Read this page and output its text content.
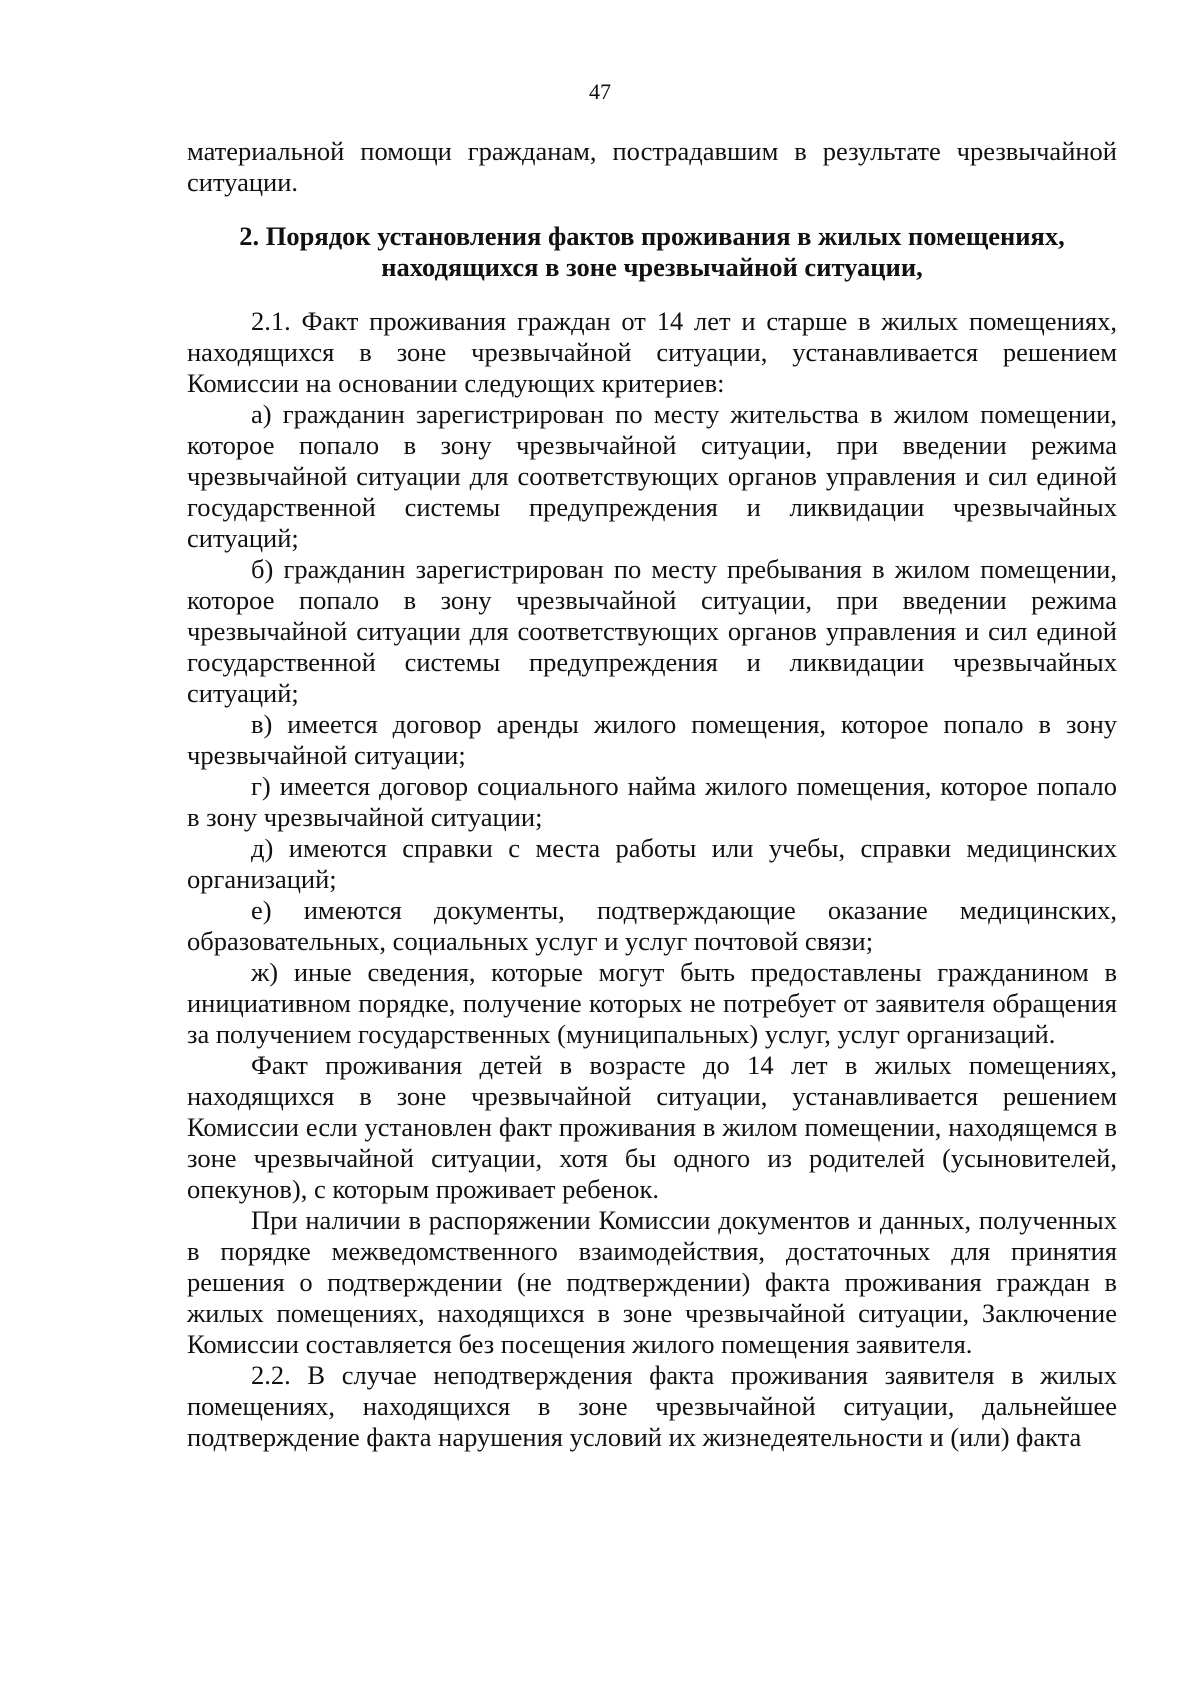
47

материальной помощи гражданам, пострадавшим в результате чрезвычайной ситуации.

2. Порядок установления фактов проживания в жилых помещениях,
находящихся в зоне чрезвычайной ситуации,

2.1. Факт проживания граждан от 14 лет и старше в жилых помещениях, находящихся в зоне чрезвычайной ситуации, устанавливается решением Комиссии на основании следующих критериев:

а) гражданин зарегистрирован по месту жительства в жилом помещении, которое попало в зону чрезвычайной ситуации, при введении режима чрезвычайной ситуации для соответствующих органов управления и сил единой государственной системы предупреждения и ликвидации чрезвычайных ситуаций;

б) гражданин зарегистрирован по месту пребывания в жилом помещении, которое попало в зону чрезвычайной ситуации, при введении режима чрезвычайной ситуации для соответствующих органов управления и сил единой государственной системы предупреждения и ликвидации чрезвычайных ситуаций;

в) имеется договор аренды жилого помещения, которое попало в зону чрезвычайной ситуации;

г) имеется договор социального найма жилого помещения, которое попало в зону чрезвычайной ситуации;

д) имеются справки с места работы или учебы, справки медицинских организаций;

е) имеются документы, подтверждающие оказание медицинских, образовательных, социальных услуг и услуг почтовой связи;

ж) иные сведения, которые могут быть предоставлены гражданином в инициативном порядке, получение которых не потребует от заявителя обращения за получением государственных (муниципальных) услуг, услуг организаций.

Факт проживания детей в возрасте до 14 лет в жилых помещениях, находящихся в зоне чрезвычайной ситуации, устанавливается решением Комиссии если установлен факт проживания в жилом помещении, находящемся в зоне чрезвычайной ситуации, хотя бы одного из родителей (усыновителей, опекунов), с которым проживает ребенок.

При наличии в распоряжении Комиссии документов и данных, полученных в порядке межведомственного взаимодействия, достаточных для принятия решения о подтверждении (не подтверждении) факта проживания граждан в жилых помещениях, находящихся в зоне чрезвычайной ситуации, Заключение Комиссии составляется без посещения жилого помещения заявителя.

2.2. В случае неподтверждения факта проживания заявителя в жилых помещениях, находящихся в зоне чрезвычайной ситуации, дальнейшее подтверждение факта нарушения условий их жизнедеятельности и (или) факта
